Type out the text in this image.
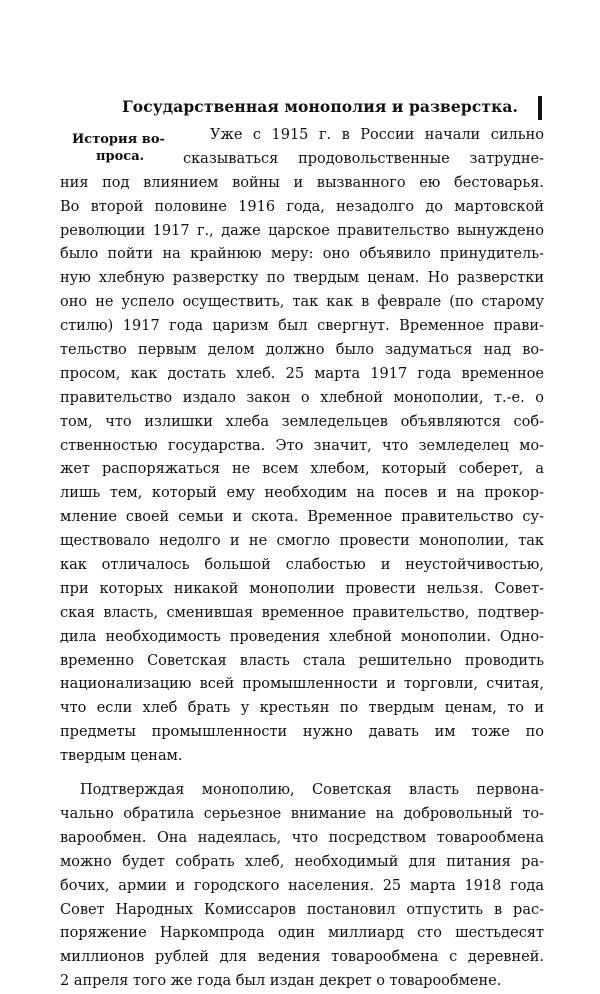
Государственная монополия и разверстка.
История во-
проса.
Уже с 1915 г. в России начали сильно
сказываться продовольственные затрудне-
ния под влиянием войны и вызванного ею бестоварья.
Во второй половине 1916 года, незадолго до мартовской
революции 1917 г., даже царское правительство вынуждено
было пойти на крайнюю меру: оно объявило принудитель-
ную хлебную разверстку по твердым ценам. Но разверстки
оно не успело осуществить, так как в феврале (по старому
стилю) 1917 года царизм был свергнут. Временное прави-
тельство первым делом должно было задуматься над во-
просом, как достать хлеб. 25 марта 1917 года временное
правительство издало закон о хлебной монополии, т.-е. о
том, что излишки хлеба земледельцев объявляются соб-
ственностью государства. Это значит, что земледелец мо-
жет распоряжаться не всем хлебом, который соберет, а
лишь тем, который ему необходим на посев и на прокор-
мление своей семьи и скота. Временное правительство су-
ществовало недолго и не смогло провести монополии, так
как отличалось большой слабостью и неустойчивостью,
при которых никакой монополии провести нельзя. Совет-
ская власть, сменившая временное правительство, подтвер-
дила необходимость проведения хлебной монополии. Одно-
временно Советская власть стала решительно проводить
национализацию всей промышленности и торговли, считая,
что если хлеб брать у крестьян по твердым ценам, то и
предметы промышленности нужно давать им тоже по
твердым ценам.
Подтверждая монополию, Советская власть первона-
чально обратила серьезное внимание на добровольный то-
варообмен. Она надеялась, что посредством товарообмена
можно будет собрать хлеб, необходимый для питания ра-
бочих, армии и городского населения. 25 марта 1918 года
Совет Народных Комиссаров постановил отпустить в рас-
поряжение Наркомпрода один миллиард сто шестьдесят
миллионов рублей для ведения товарообмена с деревней.
2 апреля того же года был издан декрет о товарообмене.
